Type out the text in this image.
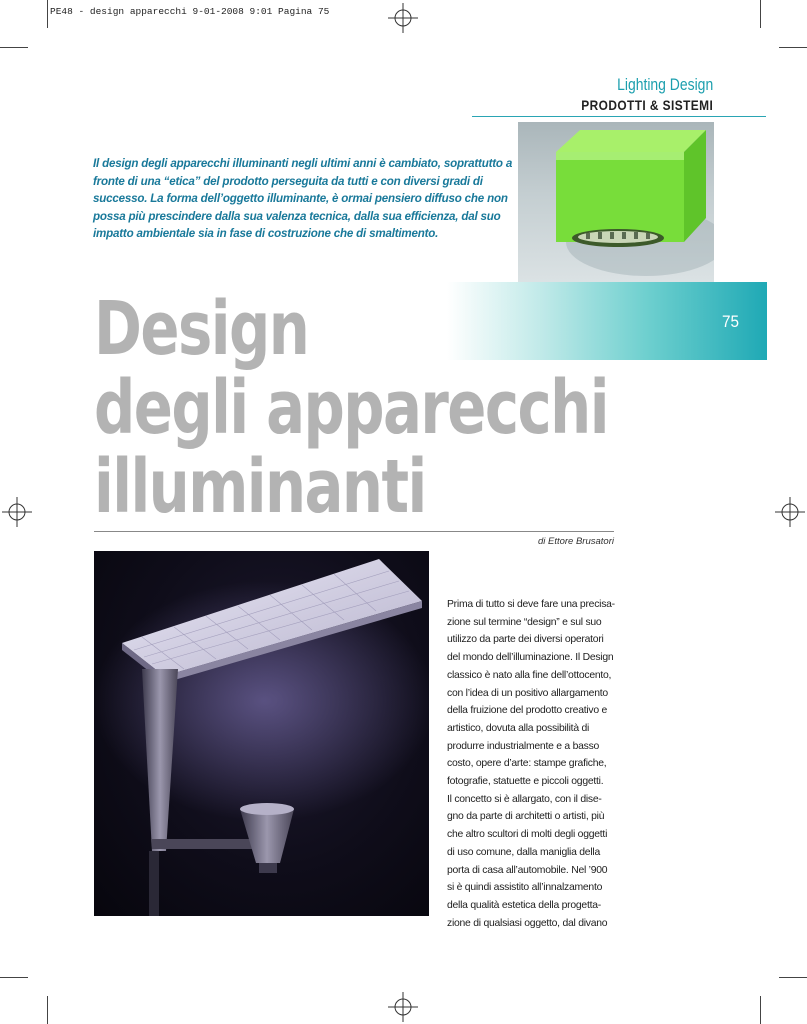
PE48 - design apparecchi 9-01-2008 9:01 Pagina 75
Lighting Design
PRODOTTI & SISTEMI
Il design degli apparecchi illuminanti negli ultimi anni è cambiato, soprattutto a fronte di una “etica” del prodotto perseguita da tutti e con diversi gradi di successo. La forma dell’oggetto illuminante, è ormai pensiero diffuso che non possa più prescindere dalla sua valenza tecnica, dalla sua efficienza, dal suo impatto ambientale sia in fase di costruzione che di smaltimento.
75
Design
degli apparecchi
illuminanti
di Ettore Brusatori
Prima di tutto si deve fare una precisa-
zione sul termine “design” e sul suo
utilizzo da parte dei diversi operatori
del mondo dell’illuminazione. Il Design
classico è nato alla fine dell’ottocento,
con l’idea di un positivo allargamento
della fruizione del prodotto creativo e
artistico, dovuta alla possibilità di
produrre industrialmente e a basso
costo, opere d’arte: stampe grafiche,
fotografie, statuette e piccoli oggetti.
Il concetto si è allargato, con il dise-
gno da parte di architetti o artisti, più
che altro scultori di molti degli oggetti
di uso comune, dalla maniglia della
porta di casa all’automobile. Nel ’900
si è quindi assistito all’innalzamento
della qualità estetica della progetta-
zione di qualsiasi oggetto, dal divano
